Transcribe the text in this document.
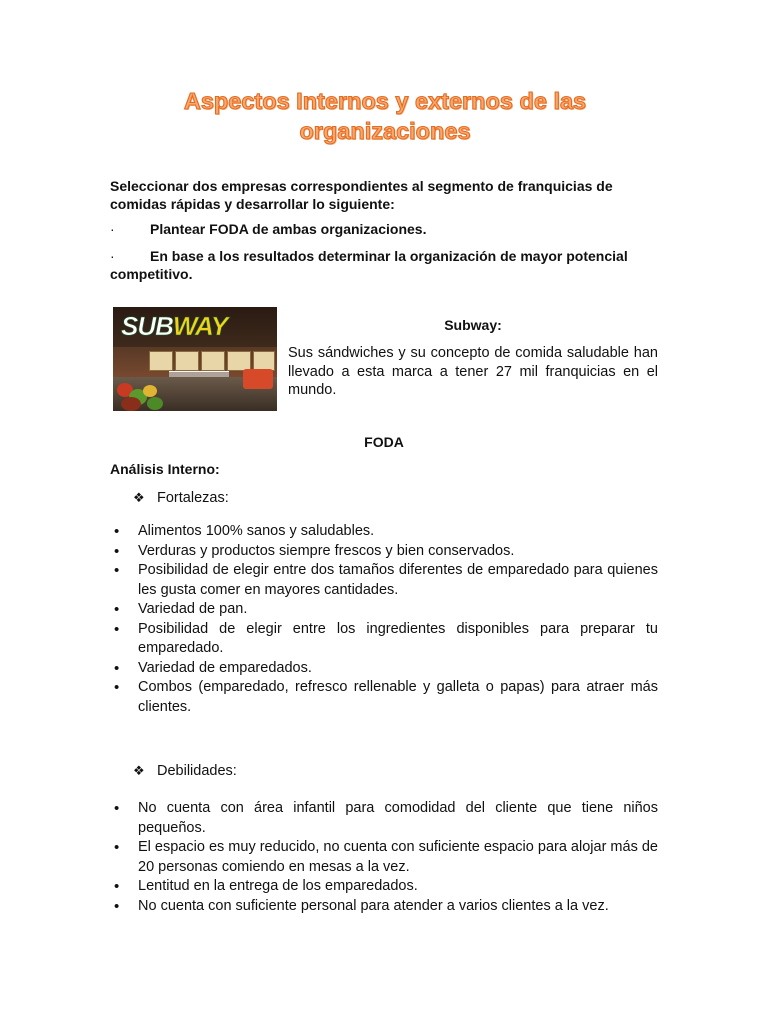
Aspectos Internos y externos de las organizaciones
Seleccionar dos empresas correspondientes al segmento de franquicias de comidas rápidas y desarrollar lo siguiente:
·	Plantear FODA de ambas organizaciones.
·	En base a los resultados determinar la organización de mayor potencial competitivo.
SUBWAY	Subway:
Sus sándwiches y su concepto de comida saludable han llevado a esta marca a tener 27 mil franquicias en el mundo.
FODA
Análisis Interno:
❖ Fortalezas:
• Alimentos 100% sanos y saludables.
• Verduras y productos siempre frescos y bien conservados.
• Posibilidad de elegir entre dos tamaños diferentes de emparedado para quienes les gusta comer en mayores cantidades.
• Variedad de pan.
• Posibilidad de elegir entre los ingredientes disponibles para preparar tu emparedado.
• Variedad de emparedados.
• Combos (emparedado, refresco rellenable y galleta o papas) para atraer más clientes.
❖ Debilidades:
• No cuenta con área infantil para comodidad del cliente que tiene niños pequeños.
• El espacio es muy reducido, no cuenta con suficiente espacio para alojar más de 20 personas comiendo en mesas a la vez.
• Lentitud en la entrega de los emparedados.
• No cuenta con suficiente personal para atender a varios clientes a la vez.
